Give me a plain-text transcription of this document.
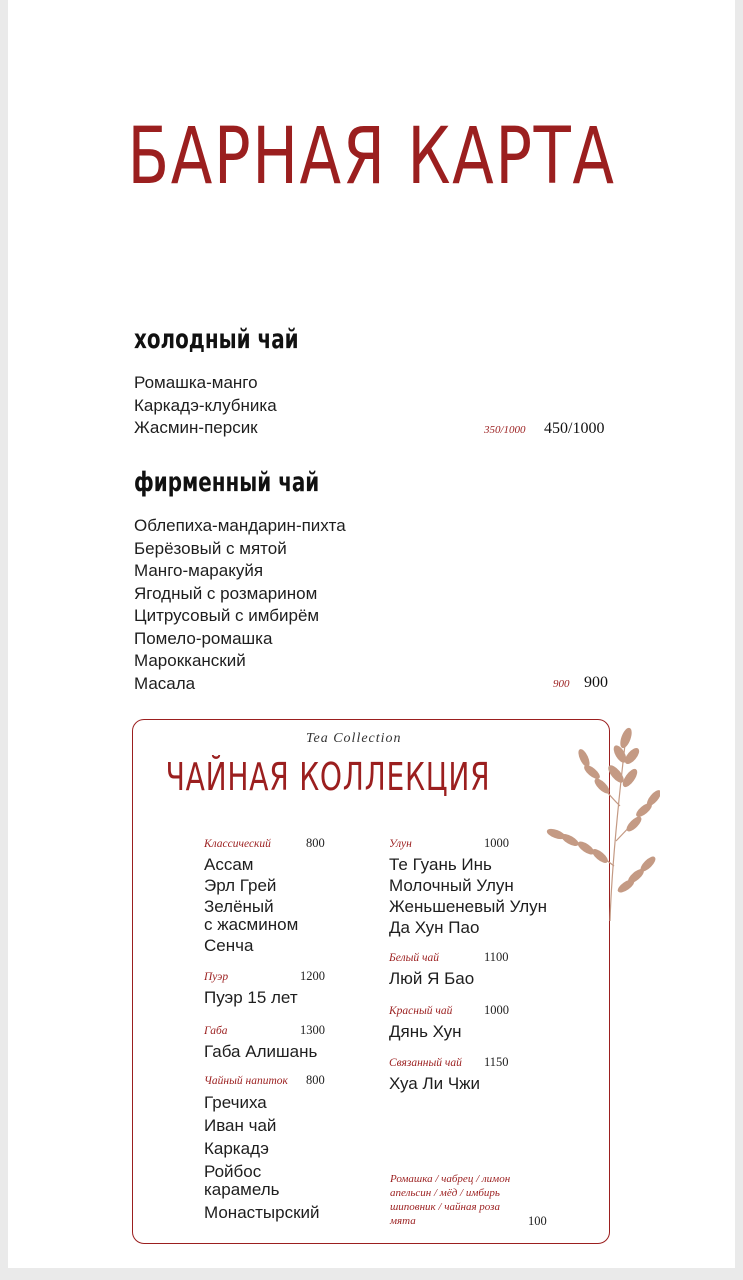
БАРНАЯ КАРТА
холодный чай
Ромашка-манго
Каркадэ-клубника
Жасмин-персик	350/1000 450/1000
фирменный чай
Облепиха-мандарин-пихта
Берёзовый с мятой
Манго-маракуйя
Ягодный с розмарином
Цитрусовый с имбирём
Помело-ромашка
Марокканский
Масала	900 900
Tea Collection
ЧАЙНАЯ КОЛЛЕКЦИЯ
Классический	800
Ассам
Эрл Грей
Зелёный
с жасмином
Сенча
Пуэр	1200
Пуэр 15 лет
Габа	1300
Габа Алишань
Чайный напиток 800
Гречиха
Иван чай
Каркадэ
Ройбос
карамель
Монастырский
Улун	1000
Те Гуань Инь
Молочный Улун
Женьшеневый Улун
Да Хун Пао
Белый чай	1100
Люй Я Бао
Красный чай	1000
Дянь Хун
Связанный чай 1150
Хуа Ли Чжи
Ромашка / чабрец / лимон
апельсин / мёд / имбирь
шиповник / чайная роза
мята	100
